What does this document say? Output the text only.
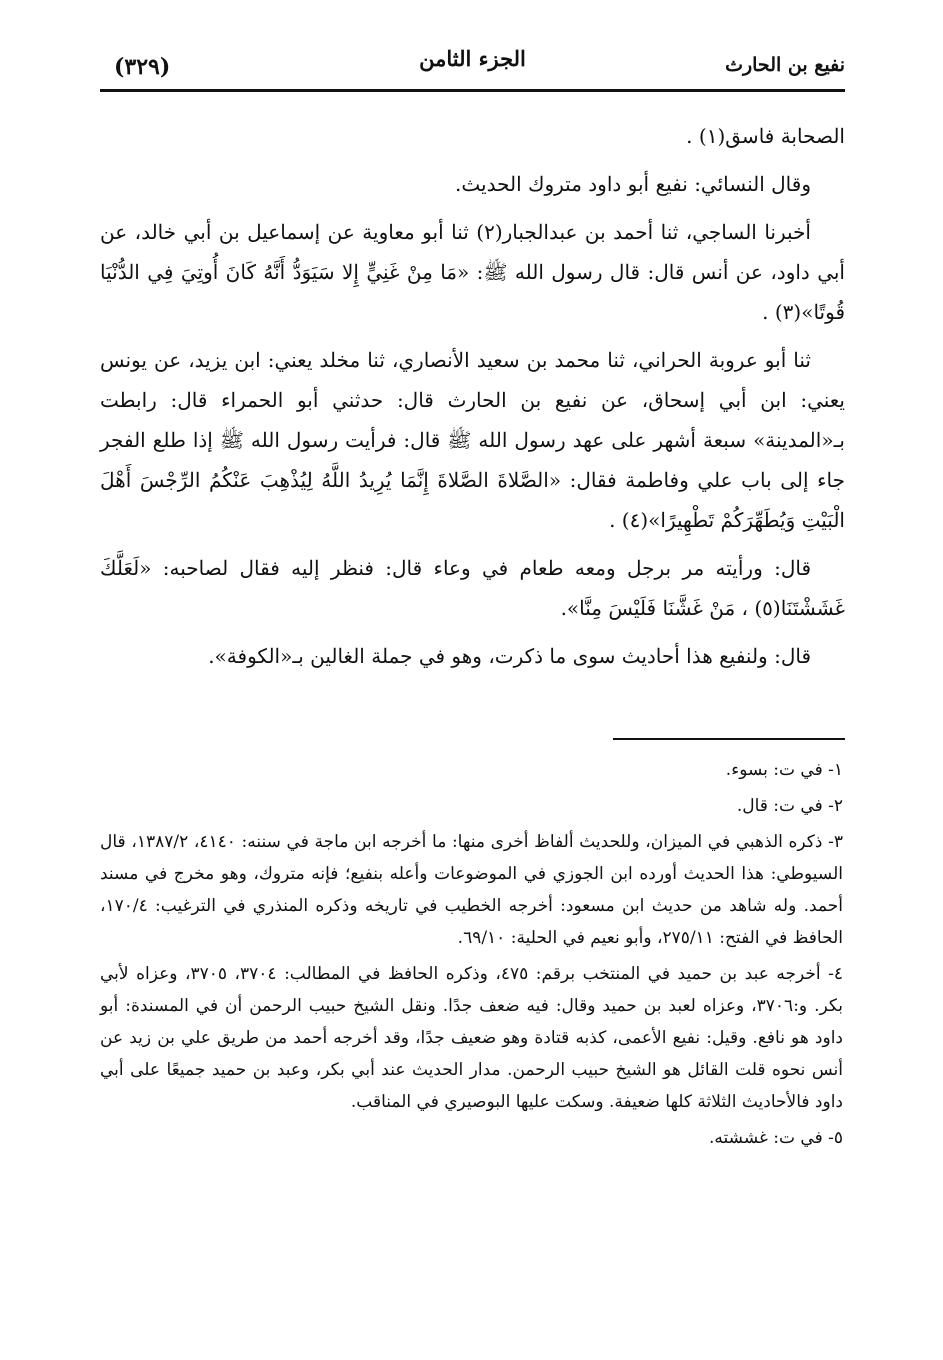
نفيع بن الحارث
الجزء الثامن
(٣٢٩)

الصحابة فاسق(١) .

وقال النسائي: نفيع أبو داود متروك الحديث.

أخبرنا الساجي، ثنا أحمد بن عبدالجبار(٢) ثنا أبو معاوية عن إسماعيل بن أبي خالد، عن أبي داود، عن أنس قال: قال رسول الله ﷺ: «مَا مِنْ غَنِيٍّ إِلا سَيَوَدُّ أَنَّهُ كَانَ أُوتِيَ فِي الدُّنْيَا قُوتًا»(٣) .

ثنا أبو عروبة الحراني، ثنا محمد بن سعيد الأنصاري، ثنا مخلد يعني: ابن يزيد، عن يونس يعني: ابن أبي إسحاق، عن نفيع بن الحارث قال: حدثني أبو الحمراء قال: رابطت بـ«المدينة» سبعة أشهر على عهد رسول الله ﷺ قال: فرأيت رسول الله ﷺ إذا طلع الفجر جاء إلى باب علي وفاطمة فقال: «الصَّلاةَ الصَّلاةَ إِنَّمَا يُرِيدُ اللَّهُ لِيُذْهِبَ عَنْكُمُ الرِّجْسَ أَهْلَ الْبَيْتِ وَيُطَهِّرَكُمْ تَطْهِيرًا»(٤) .

قال: ورأيته مر برجل ومعه طعام في وعاء قال: فنظر إليه فقال لصاحبه: «لَعَلَّكَ غَشَشْتَنَا(٥) ، مَنْ غَشَّنَا فَلَيْسَ مِنَّا».

قال: ولنفيع هذا أحاديث سوى ما ذكرت، وهو في جملة الغالين بـ«الكوفة».

١- في ت: بسوء.
٢- في ت: قال.
٣- ذكره الذهبي في الميزان، وللحديث ألفاظ أخرى منها: ما أخرجه ابن ماجة في سننه: ٤١٤٠، ١٣٨٧/٢، قال السيوطي: هذا الحديث أورده ابن الجوزي في الموضوعات وأعله بنفيع؛ فإنه متروك، وهو مخرج في مسند أحمد. وله شاهد من حديث ابن مسعود: أخرجه الخطيب في تاريخه وذكره المنذري في الترغيب: ١٧٠/٤، الحافظ في الفتح: ٢٧٥/١١، وأبو نعيم في الحلية: ٦٩/١٠.
٤- أخرجه عبد بن حميد في المنتخب برقم: ٤٧٥، وذكره الحافظ في المطالب: ٣٧٠٤، ٣٧٠٥، وعزاه لأبي بكر. و:٣٧٠٦، وعزاه لعبد بن حميد وقال: فيه ضعف جدًا. ونقل الشيخ حبيب الرحمن أن في المسندة: أبو داود هو نافع. وقيل: نفيع الأعمى، كذبه قتادة وهو ضعيف جدًا، وقد أخرجه أحمد من طريق علي بن زيد عن أنس نحوه قلت القائل هو الشيخ حبيب الرحمن. مدار الحديث عند أبي بكر، وعبد بن حميد جميعًا على أبي داود فالأحاديث الثلاثة كلها ضعيفة. وسكت عليها البوصيري في المناقب.
٥- في ت: غششته.
